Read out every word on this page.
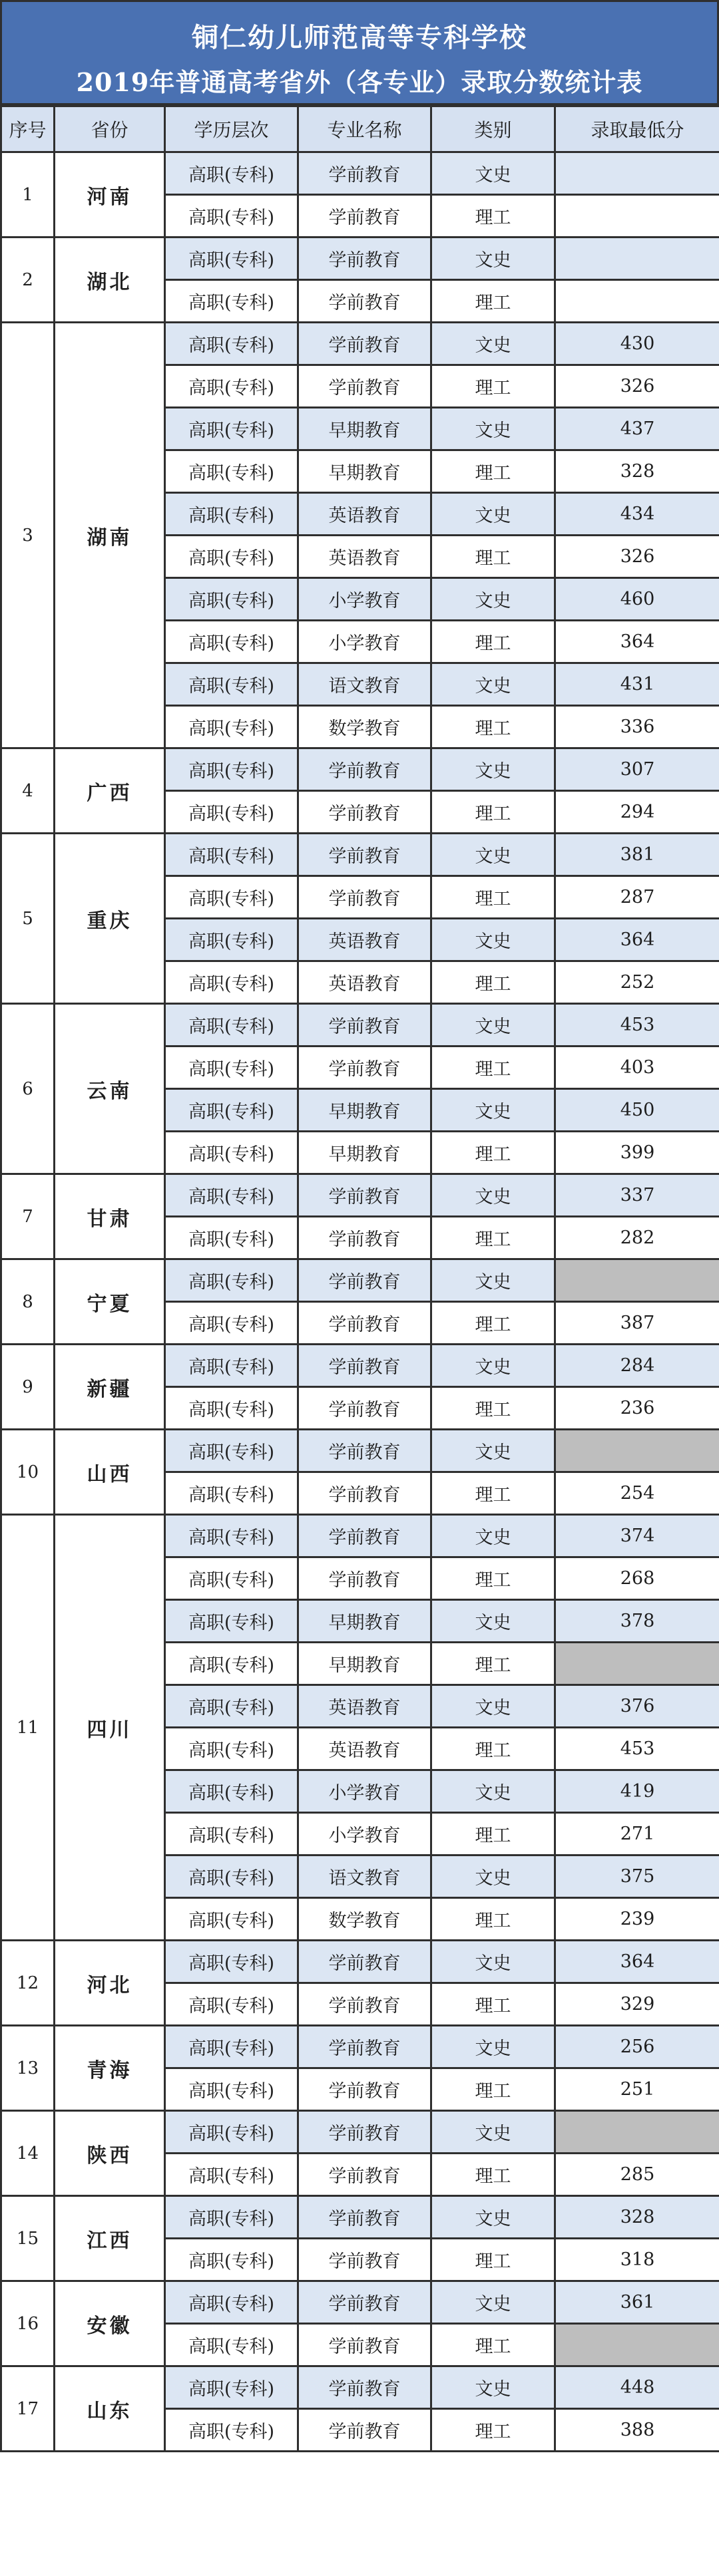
铜仁幼儿师范高等专科学校
2019年普通高考省外（各专业）录取分数统计表
序号	省份	学历层次	专业名称	类别	录取最低分
1	河南	高职(专科)	学前教育	文史	
		高职(专科)	学前教育	理工	
2	湖北	高职(专科)	学前教育	文史	
		高职(专科)	学前教育	理工	
3	湖南	高职(专科)	学前教育	文史	430
		高职(专科)	学前教育	理工	326
		高职(专科)	早期教育	文史	437
		高职(专科)	早期教育	理工	328
		高职(专科)	英语教育	文史	434
		高职(专科)	英语教育	理工	326
		高职(专科)	小学教育	文史	460
		高职(专科)	小学教育	理工	364
		高职(专科)	语文教育	文史	431
		高职(专科)	数学教育	理工	336
4	广西	高职(专科)	学前教育	文史	307
		高职(专科)	学前教育	理工	294
5	重庆	高职(专科)	学前教育	文史	381
		高职(专科)	学前教育	理工	287
		高职(专科)	英语教育	文史	364
		高职(专科)	英语教育	理工	252
6	云南	高职(专科)	学前教育	文史	453
		高职(专科)	学前教育	理工	403
		高职(专科)	早期教育	文史	450
		高职(专科)	早期教育	理工	399
7	甘肃	高职(专科)	学前教育	文史	337
		高职(专科)	学前教育	理工	282
8	宁夏	高职(专科)	学前教育	文史	
		高职(专科)	学前教育	理工	387
9	新疆	高职(专科)	学前教育	文史	284
		高职(专科)	学前教育	理工	236
10	山西	高职(专科)	学前教育	文史	
		高职(专科)	学前教育	理工	254
11	四川	高职(专科)	学前教育	文史	374
		高职(专科)	学前教育	理工	268
		高职(专科)	早期教育	文史	378
		高职(专科)	早期教育	理工	
		高职(专科)	英语教育	文史	376
		高职(专科)	英语教育	理工	453
		高职(专科)	小学教育	文史	419
		高职(专科)	小学教育	理工	271
		高职(专科)	语文教育	文史	375
		高职(专科)	数学教育	理工	239
12	河北	高职(专科)	学前教育	文史	364
		高职(专科)	学前教育	理工	329
13	青海	高职(专科)	学前教育	文史	256
		高职(专科)	学前教育	理工	251
14	陕西	高职(专科)	学前教育	文史	
		高职(专科)	学前教育	理工	285
15	江西	高职(专科)	学前教育	文史	328
		高职(专科)	学前教育	理工	318
16	安徽	高职(专科)	学前教育	文史	361
		高职(专科)	学前教育	理工	
17	山东	高职(专科)	学前教育	文史	448
		高职(专科)	学前教育	理工	388
